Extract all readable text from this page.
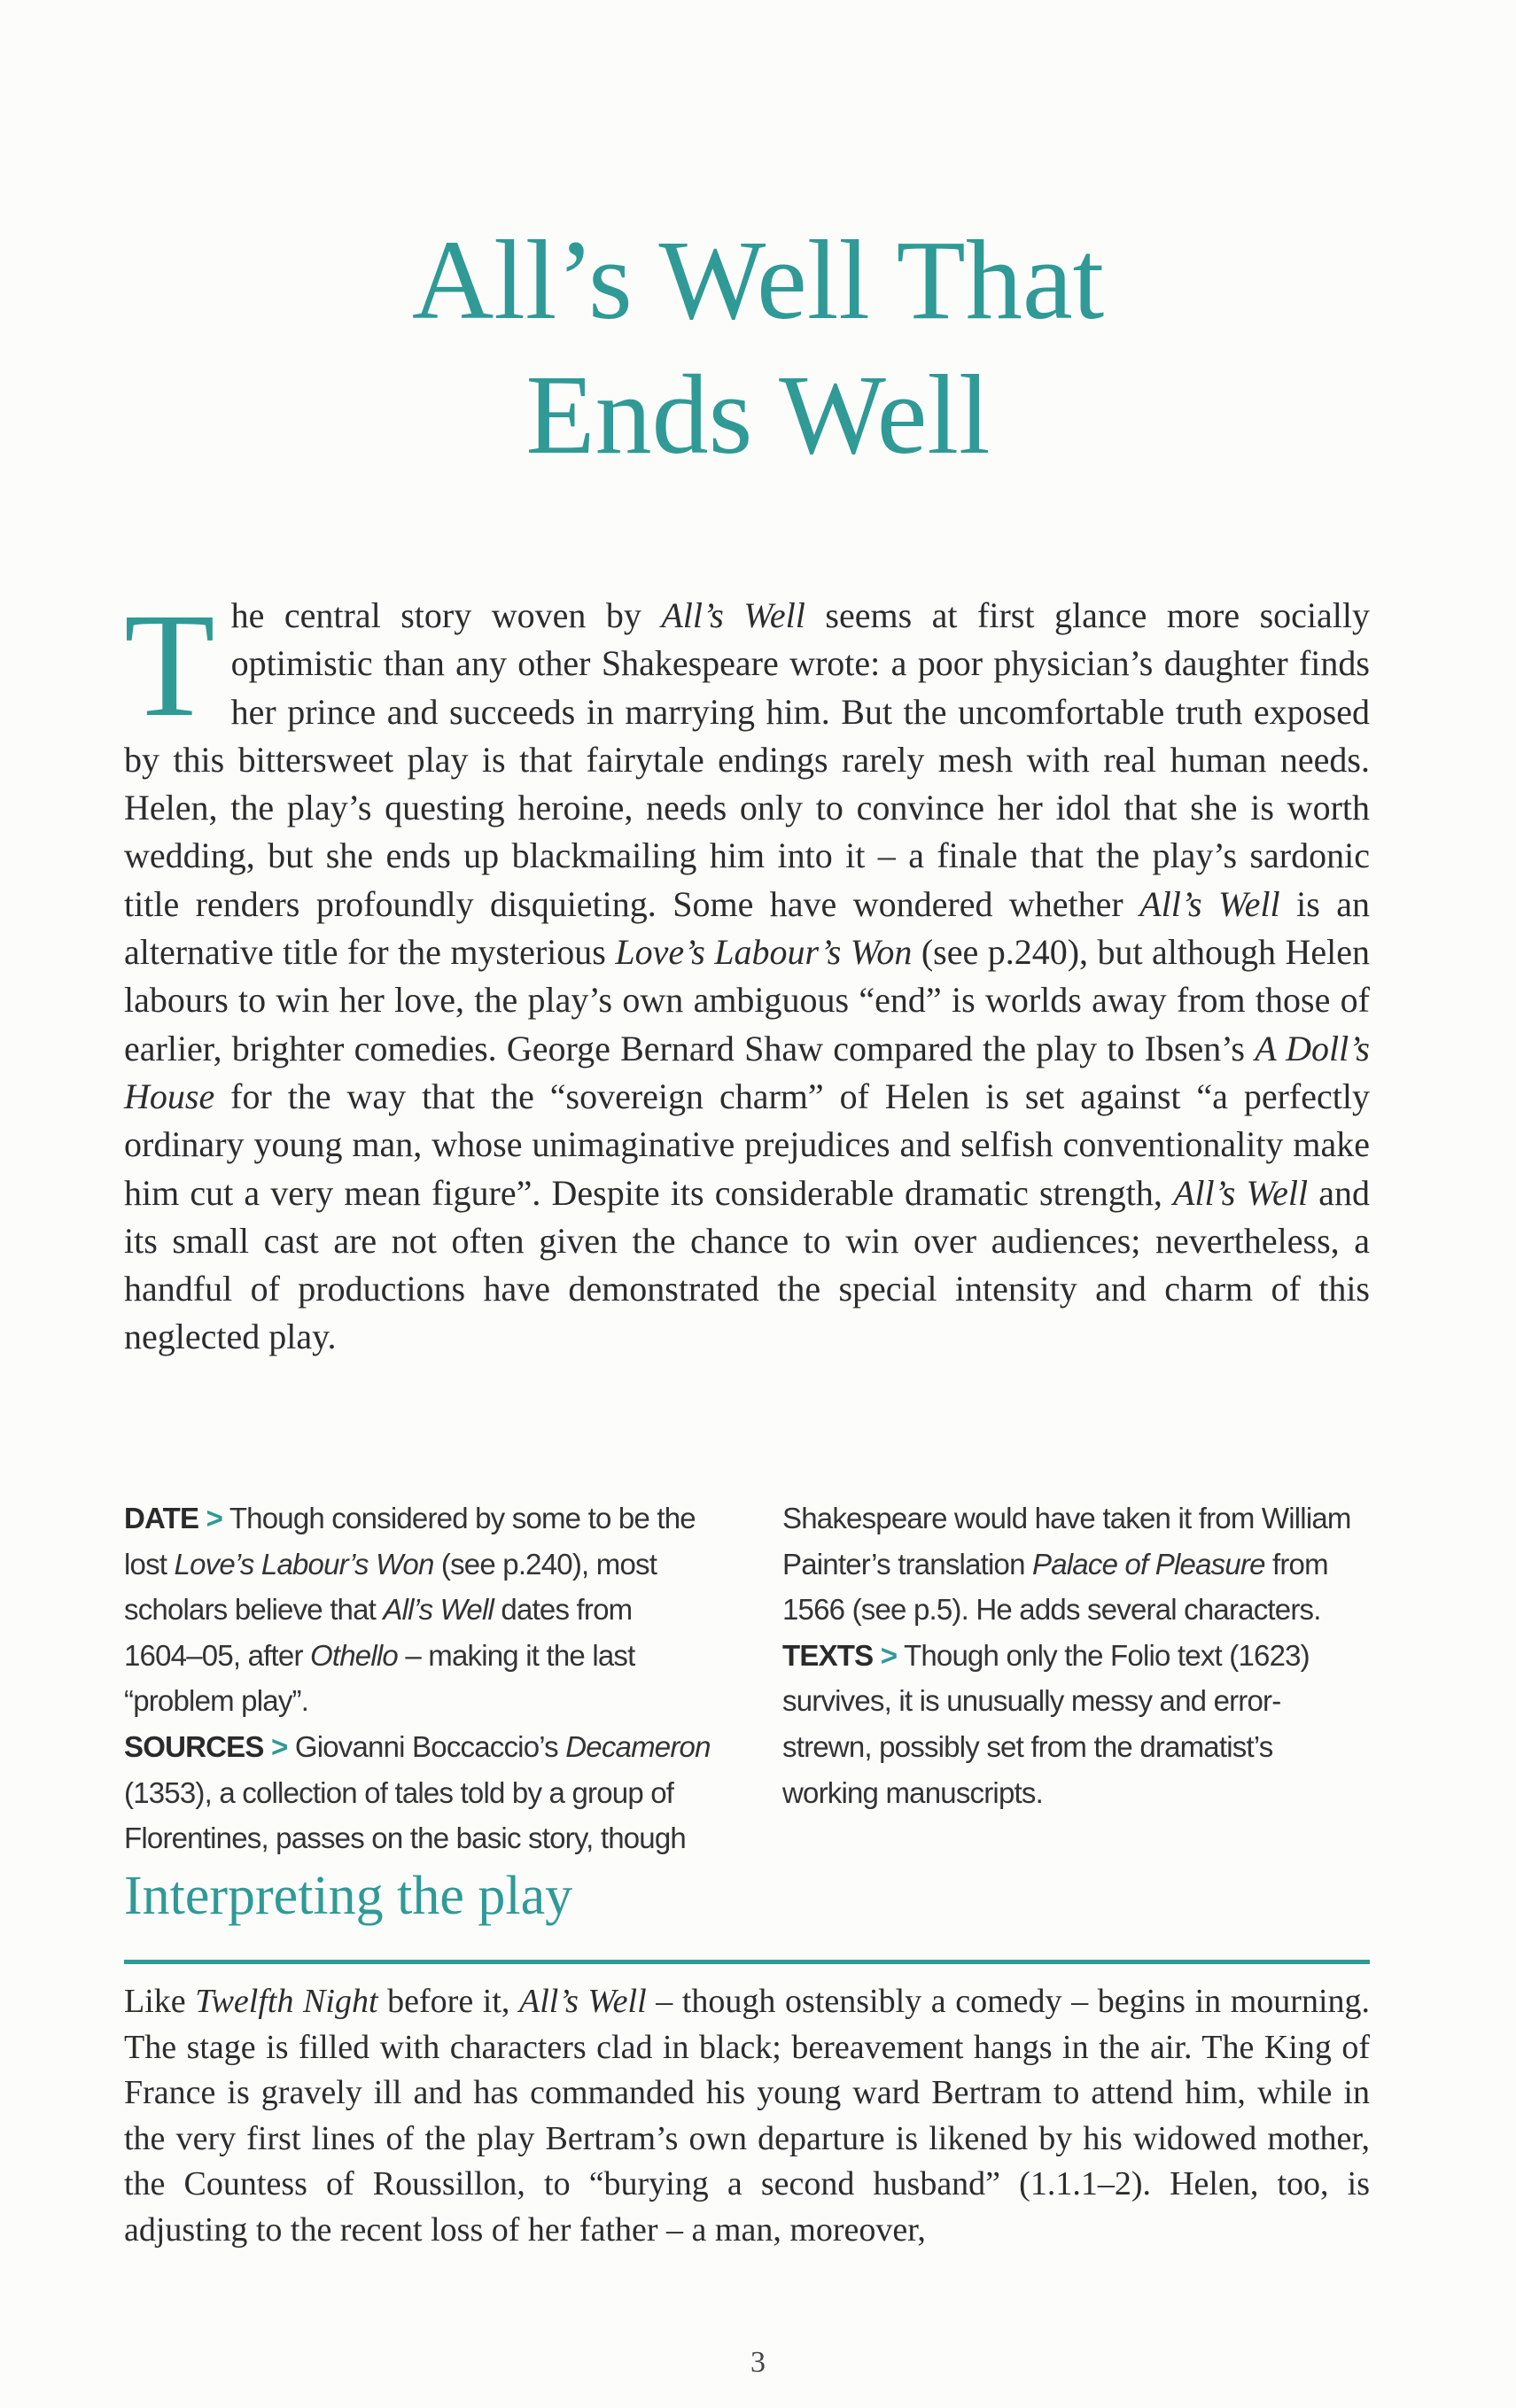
All’s Well That
Ends Well
The central story woven by All’s Well seems at first glance more socially optimistic than any other Shakespeare wrote: a poor physician’s daughter finds her prince and succeeds in marrying him. But the uncomfortable truth exposed by this bittersweet play is that fairytale endings rarely mesh with real human needs. Helen, the play’s questing heroine, needs only to convince her idol that she is worth wedding, but she ends up blackmailing him into it – a finale that the play’s sardonic title renders profoundly disquieting. Some have wondered whether All’s Well is an alternative title for the mysterious Love’s Labour’s Won (see p.240), but although Helen labours to win her love, the play’s own ambiguous “end” is worlds away from those of earlier, brighter comedies. George Bernard Shaw compared the play to Ibsen’s A Doll’s House for the way that the “sovereign charm” of Helen is set against “a perfectly ordinary young man, whose unimaginative prejudices and selfish conventionality make him cut a very mean figure”. Despite its considerable dramatic strength, All’s Well and its small cast are not often given the chance to win over audiences; nevertheless, a handful of productions have demonstrated the special intensity and charm of this neglected play.

DATE > Though considered by some to be the lost Love’s Labour’s Won (see p.240), most scholars believe that All’s Well dates from 1604–05, after Othello – making it the last “problem play”.

SOURCES > Giovanni Boccaccio’s Decameron (1353), a collection of tales told by a group of Florentines, passes on the basic story, though Shakespeare would have taken it from William Painter’s translation Palace of Pleasure from 1566 (see p.5). He adds several characters.

TEXTS > Though only the Folio text (1623) survives, it is unusually messy and error-strewn, possibly set from the dramatist’s working manuscripts.

Interpreting the play
Like Twelfth Night before it, All’s Well – though ostensibly a comedy – begins in mourning. The stage is filled with characters clad in black; bereavement hangs in the air. The King of France is gravely ill and has commanded his young ward Bertram to attend him, while in the very first lines of the play Bertram’s own departure is likened by his widowed mother, the Countess of Roussillon, to “burying a second husband” (1.1.1–2). Helen, too, is adjusting to the recent loss of her father – a man, moreover,
3
